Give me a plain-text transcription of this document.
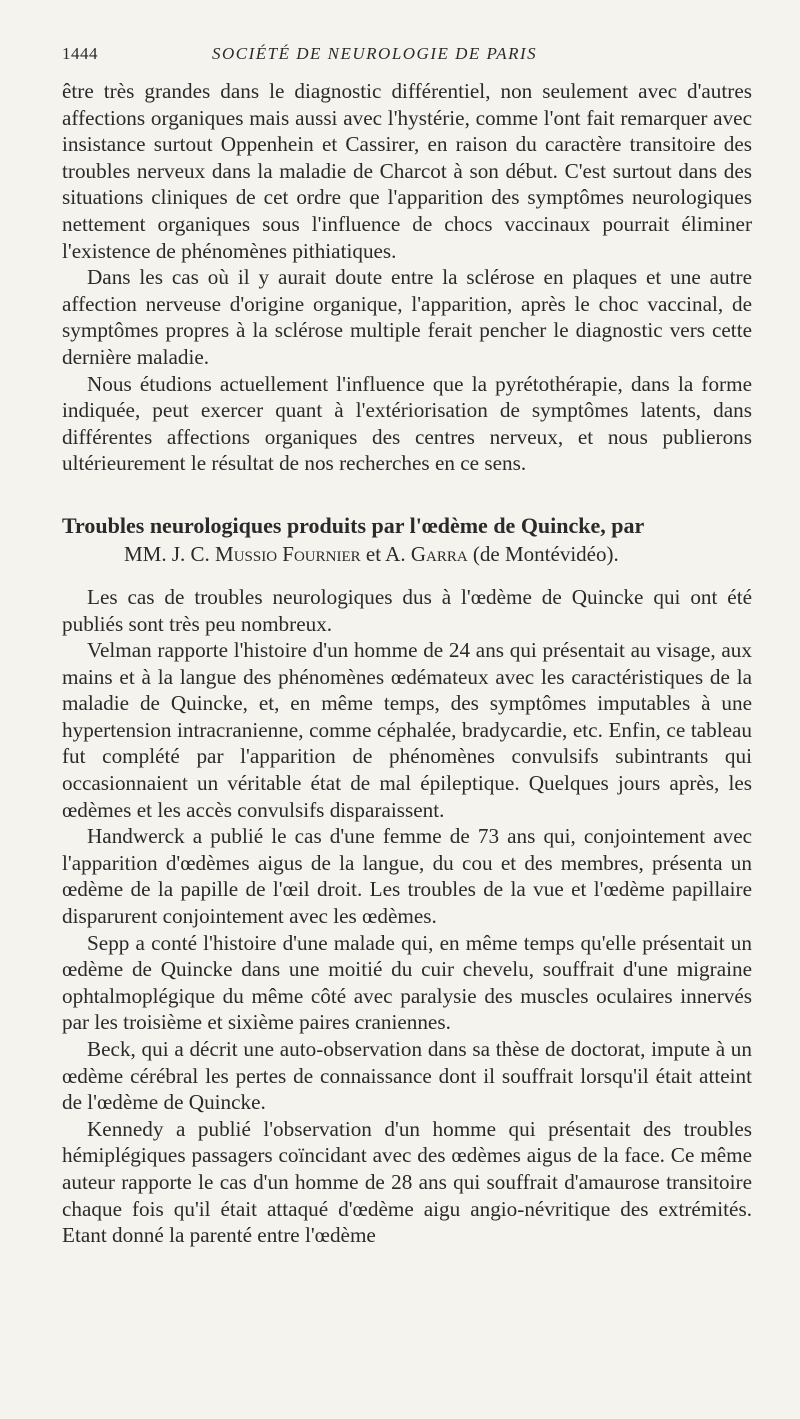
1444	SOCIÉTÉ DE NEUROLOGIE DE PARIS

être très grandes dans le diagnostic différentiel, non seulement avec d'autres affections organiques mais aussi avec l'hystérie, comme l'ont fait remarquer avec insistance surtout Oppenhein et Cassirer, en raison du caractère transitoire des troubles nerveux dans la maladie de Charcot à son début. C'est surtout dans des situations cliniques de cet ordre que l'apparition des symptômes neurologiques nettement organiques sous l'influence de chocs vaccinaux pourrait éliminer l'existence de phénomènes pithiatiques.

Dans les cas où il y aurait doute entre la sclérose en plaques et une autre affection nerveuse d'origine organique, l'apparition, après le choc vaccinal, de symptômes propres à la sclérose multiple ferait pencher le diagnostic vers cette dernière maladie.

Nous étudions actuellement l'influence que la pyrétothérapie, dans la forme indiquée, peut exercer quant à l'extériorisation de symptômes latents, dans différentes affections organiques des centres nerveux, et nous publierons ultérieurement le résultat de nos recherches en ce sens.

Troubles neurologiques produits par l'œdème de Quincke, par
MM. J. C. Mussio Fournier et A. Garra (de Montévidéo).

Les cas de troubles neurologiques dus à l'œdème de Quincke qui ont été publiés sont très peu nombreux.

Velman rapporte l'histoire d'un homme de 24 ans qui présentait au visage, aux mains et à la langue des phénomènes œdémateux avec les caractéristiques de la maladie de Quincke, et, en même temps, des symptômes imputables à une hypertension intracranienne, comme céphalée, bradycardie, etc. Enfin, ce tableau fut complété par l'apparition de phénomènes convulsifs subintrants qui occasionnaient un véritable état de mal épileptique. Quelques jours après, les œdèmes et les accès convulsifs disparaissent.

Handwerck a publié le cas d'une femme de 73 ans qui, conjointement avec l'apparition d'œdèmes aigus de la langue, du cou et des membres, présenta un œdème de la papille de l'œil droit. Les troubles de la vue et l'œdème papillaire disparurent conjointement avec les œdèmes.

Sepp a conté l'histoire d'une malade qui, en même temps qu'elle présentait un œdème de Quincke dans une moitié du cuir chevelu, souffrait d'une migraine ophtalmoplégique du même côté avec paralysie des muscles oculaires innervés par les troisième et sixième paires craniennes.

Beck, qui a décrit une auto-observation dans sa thèse de doctorat, impute à un œdème cérébral les pertes de connaissance dont il souffrait lorsqu'il était atteint de l'œdème de Quincke.

Kennedy a publié l'observation d'un homme qui présentait des troubles hémiplégiques passagers coïncidant avec des œdèmes aigus de la face. Ce même auteur rapporte le cas d'un homme de 28 ans qui souffrait d'amaurose transitoire chaque fois qu'il était attaqué d'œdème aigu angio-névritique des extrémités. Etant donné la parenté entre l'œdème
